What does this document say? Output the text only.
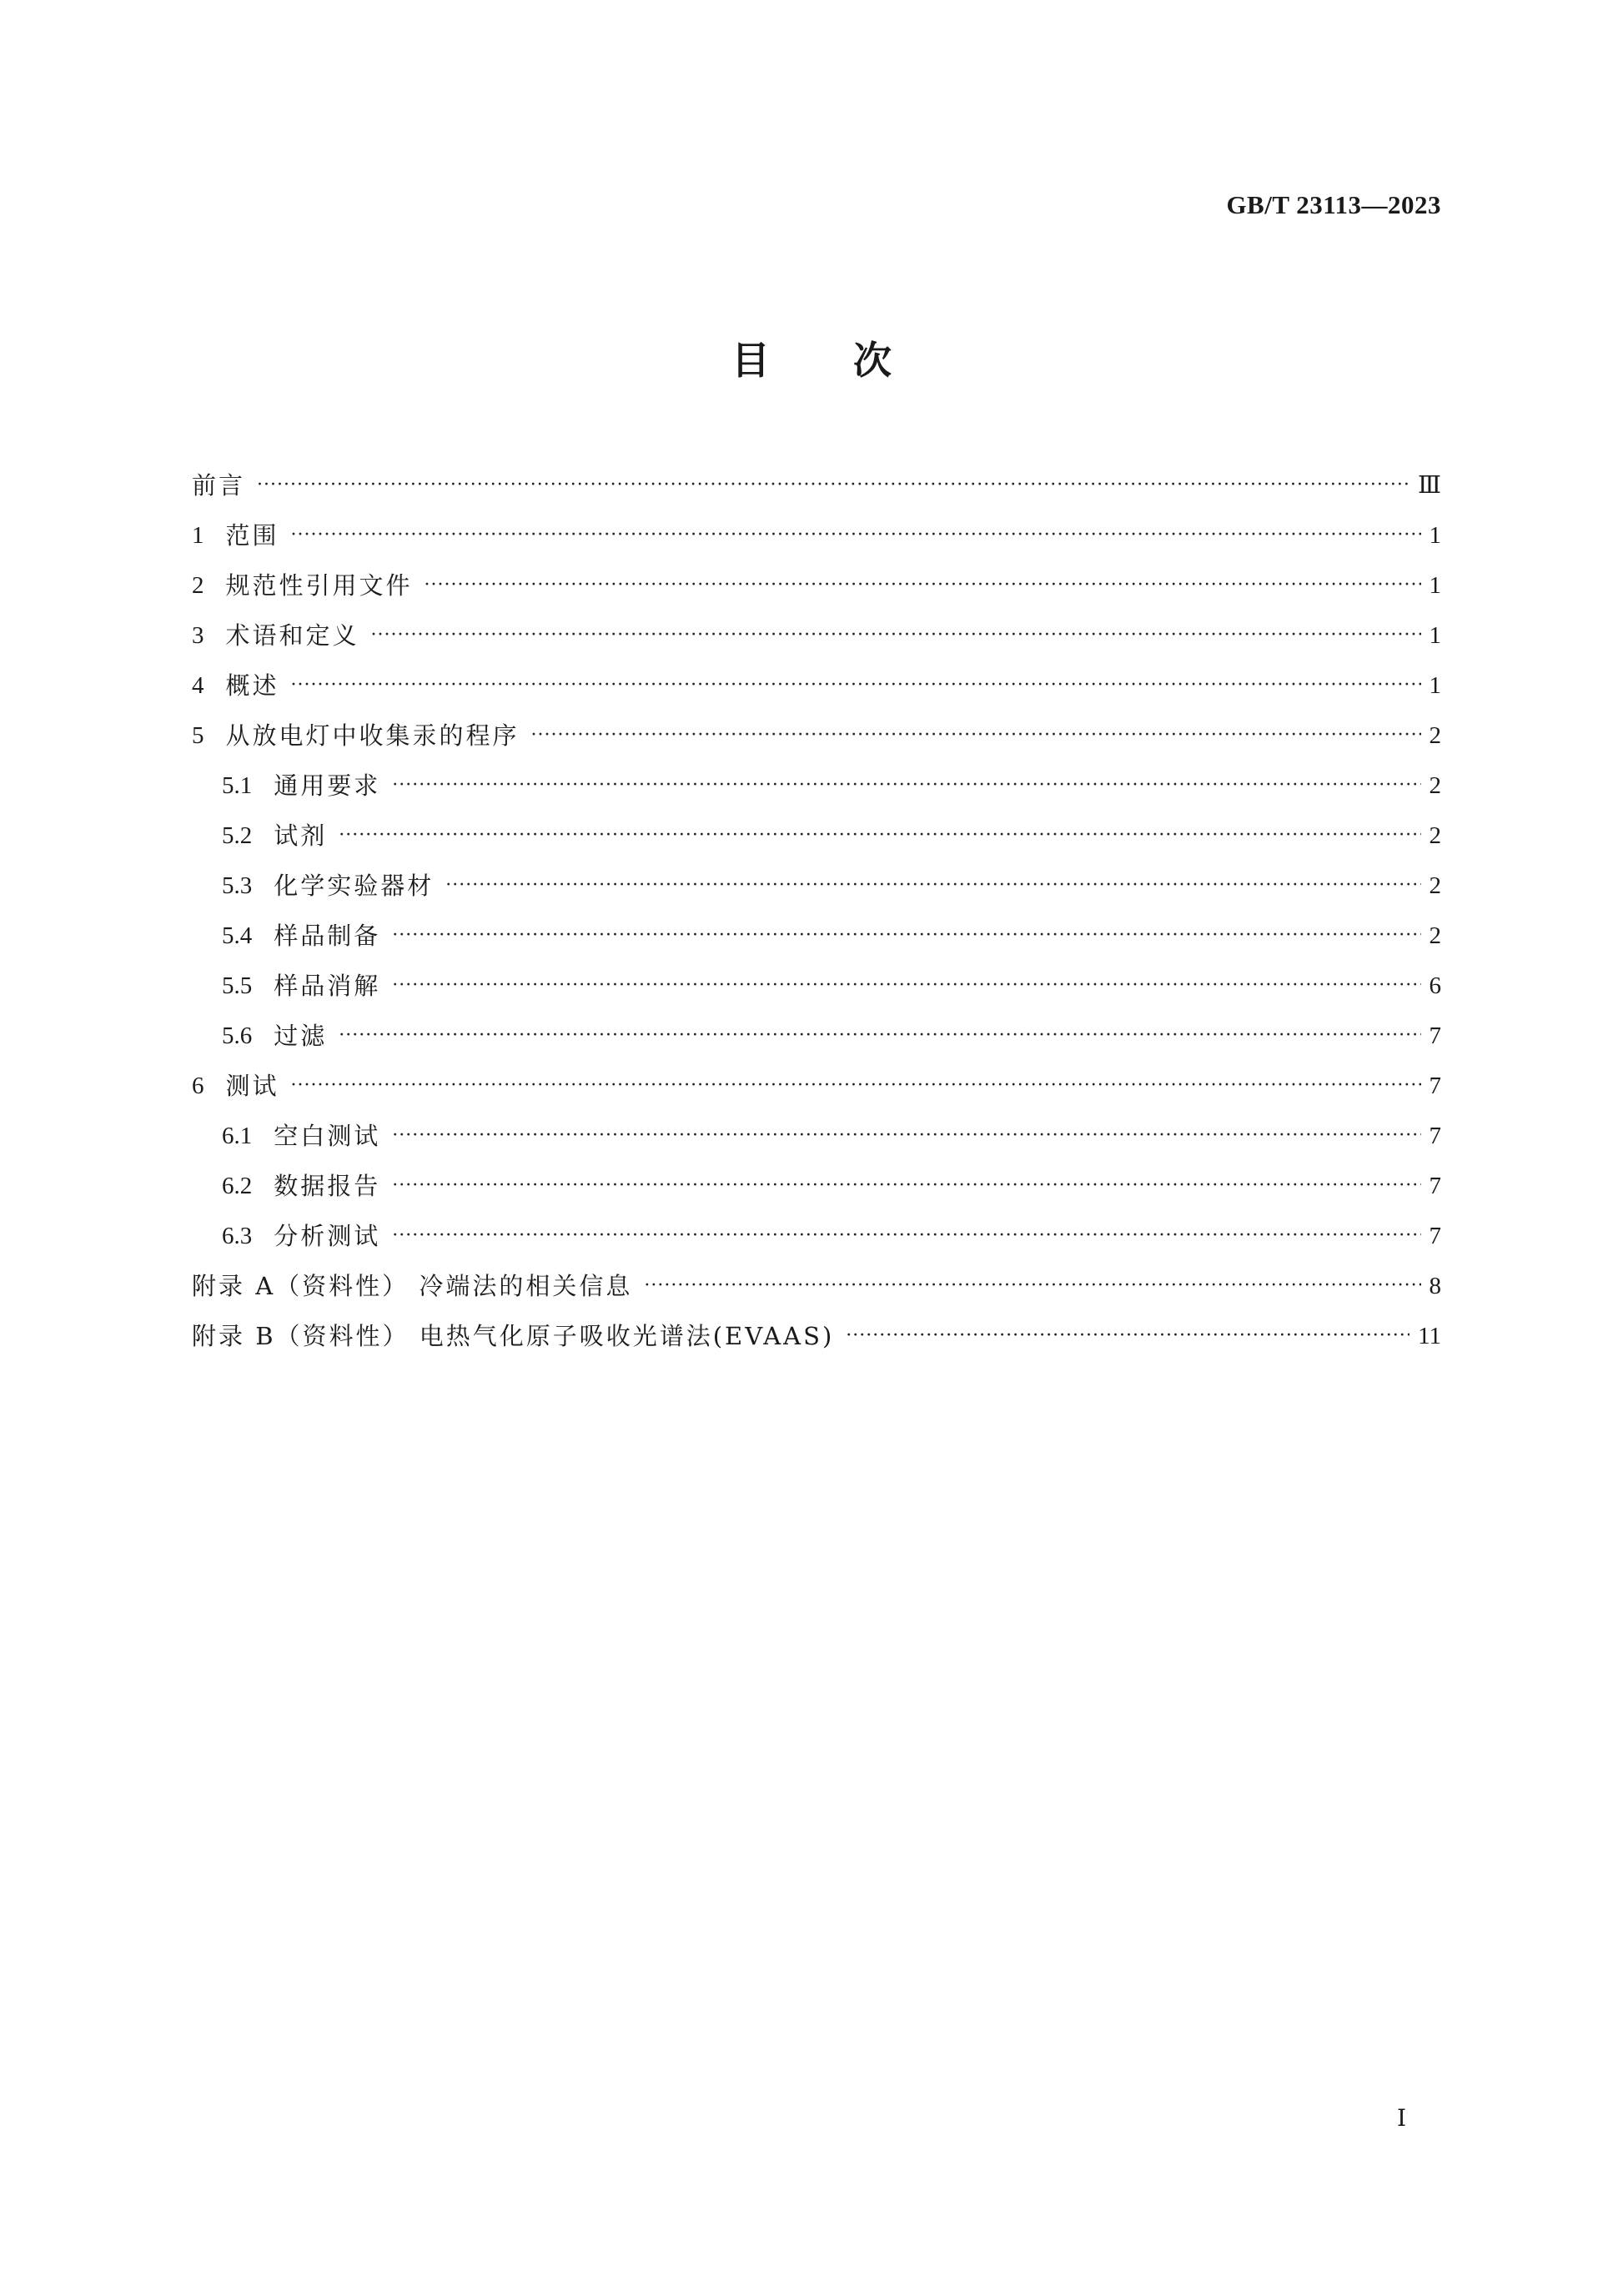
GB/T 23113—2023
目次
前言 ·····	Ⅲ
1 范围 ·····	1
2 规范性引用文件 ·····	1
3 术语和定义 ·····	1
4 概述 ·····	1
5 从放电灯中收集汞的程序 ·····	2
5.1 通用要求 ·····	2
5.2 试剂 ·····	2
5.3 化学实验器材 ·····	2
5.4 样品制备 ·····	2
5.5 样品消解 ·····	6
5.6 过滤 ·····	7
6 测试 ·····	7
6.1 空白测试 ·····	7
6.2 数据报告 ·····	7
6.3 分析测试 ·····	7
附录 A（资料性） 冷端法的相关信息 ·····	8
附录 B（资料性） 电热气化原子吸收光谱法(EVAAS) ·····	11
Ⅰ
